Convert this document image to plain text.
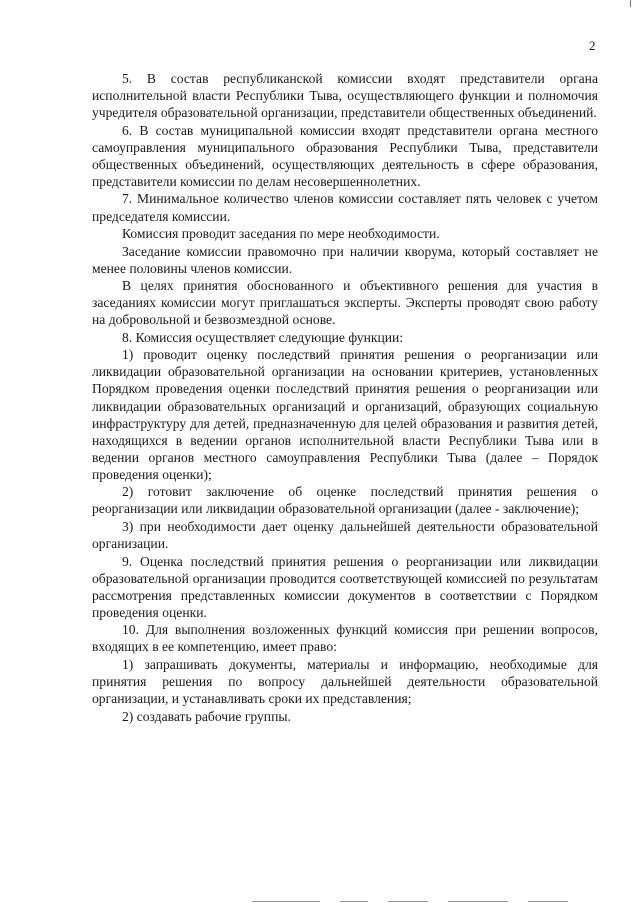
2

5. В состав республиканской комиссии входят представители органа исполнительной власти Республики Тыва, осуществляющего функции и полномочия учредителя образовательной организации, представители общественных объединений.

6. В состав муниципальной комиссии входят представители органа местного самоуправления муниципального образования Республики Тыва, представители общественных объединений, осуществляющих деятельность в сфере образования, представители комиссии по делам несовершеннолетних.

7. Минимальное количество членов комиссии составляет пять человек с учетом председателя комиссии.

Комиссия проводит заседания по мере необходимости.

Заседание комиссии правомочно при наличии кворума, который составляет не менее половины членов комиссии.

В целях принятия обоснованного и объективного решения для участия в заседаниях комиссии могут приглашаться эксперты. Эксперты проводят свою работу на добровольной и безвозмездной основе.

8. Комиссия осуществляет следующие функции:

1) проводит оценку последствий принятия решения о реорганизации или ликвидации образовательной организации на основании критериев, установленных Порядком проведения оценки последствий принятия решения о реорганизации или ликвидации образовательных организаций и организаций, образующих социальную инфраструктуру для детей, предназначенную для целей образования и развития детей, находящихся в ведении органов исполнительной власти Республики Тыва или в ведении органов местного самоуправления Республики Тыва (далее – Порядок проведения оценки);

2) готовит заключение об оценке последствий принятия решения о реорганизации или ликвидации образовательной организации (далее - заключение);

3) при необходимости дает оценку дальнейшей деятельности образовательной организации.

9. Оценка последствий принятия решения о реорганизации или ликвидации образовательной организации проводится соответствующей комиссией по результатам рассмотрения представленных комиссии документов в соответствии с Порядком проведения оценки.

10. Для выполнения возложенных функций комиссия при решении вопросов, входящих в ее компетенцию, имеет право:

1) запрашивать документы, материалы и информацию, необходимые для принятия решения по вопросу дальнейшей деятельности образовательной организации, и устанавливать сроки их представления;

2) создавать рабочие группы.
